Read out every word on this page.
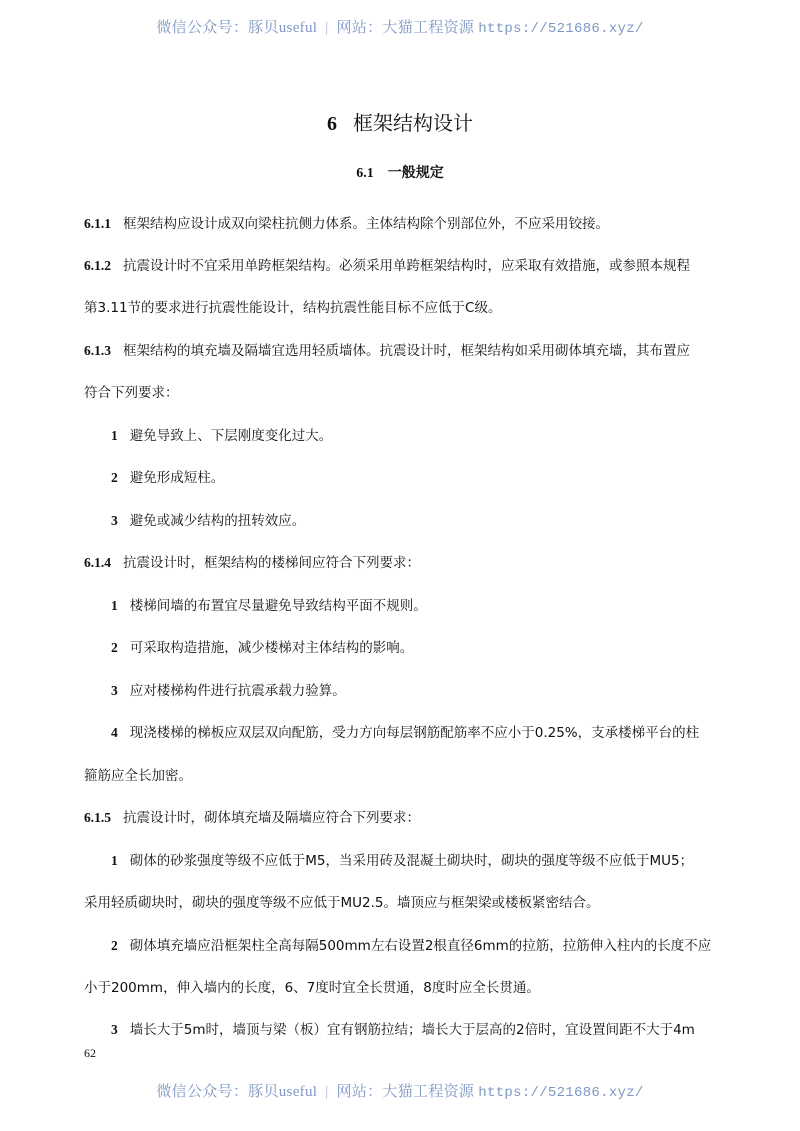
微信公众号：豚贝useful | 网站：大猫工程资源 https://521686.xyz/
6 框架结构设计
6.1 一般规定
6.1.1 框架结构应设计成双向梁柱抗侧力体系。主体结构除个别部位外，不应采用铰接。
6.1.2 抗震设计时不宜采用单跨框架结构。必须采用单跨框架结构时，应采取有效措施，或参照本规程
第3.11节的要求进行抗震性能设计，结构抗震性能目标不应低于C级。
6.1.3 框架结构的填充墙及隔墙宜选用轻质墙体。抗震设计时，框架结构如采用砌体填充墙，其布置应
符合下列要求：
1 避免导致上、下层刚度变化过大。
2 避免形成短柱。
3 避免或减少结构的扭转效应。
6.1.4 抗震设计时，框架结构的楼梯间应符合下列要求：
1 楼梯间墙的布置宜尽量避免导致结构平面不规则。
2 可采取构造措施，减少楼梯对主体结构的影响。
3 应对楼梯构件进行抗震承载力验算。
4 现浇楼梯的梯板应双层双向配筋，受力方向每层钢筋配筋率不应小于0.25%，支承楼梯平台的柱
箍筋应全长加密。
6.1.5 抗震设计时，砌体填充墙及隔墙应符合下列要求：
1 砌体的砂浆强度等级不应低于M5，当采用砖及混凝土砌块时，砌块的强度等级不应低于MU5；
采用轻质砌块时，砌块的强度等级不应低于MU2.5。墙顶应与框架梁或楼板紧密结合。
2 砌体填充墙应沿框架柱全高每隔500mm左右设置2根直径6mm的拉筋，拉筋伸入柱内的长度不应
小于200mm，伸入墙内的长度，6、7度时宜全长贯通，8度时应全长贯通。
3 墙长大于5m时，墙顶与梁（板）宜有钢筋拉结；墙长大于层高的2倍时，宜设置间距不大于4m
62
微信公众号：豚贝useful | 网站：大猫工程资源 https://521686.xyz/
